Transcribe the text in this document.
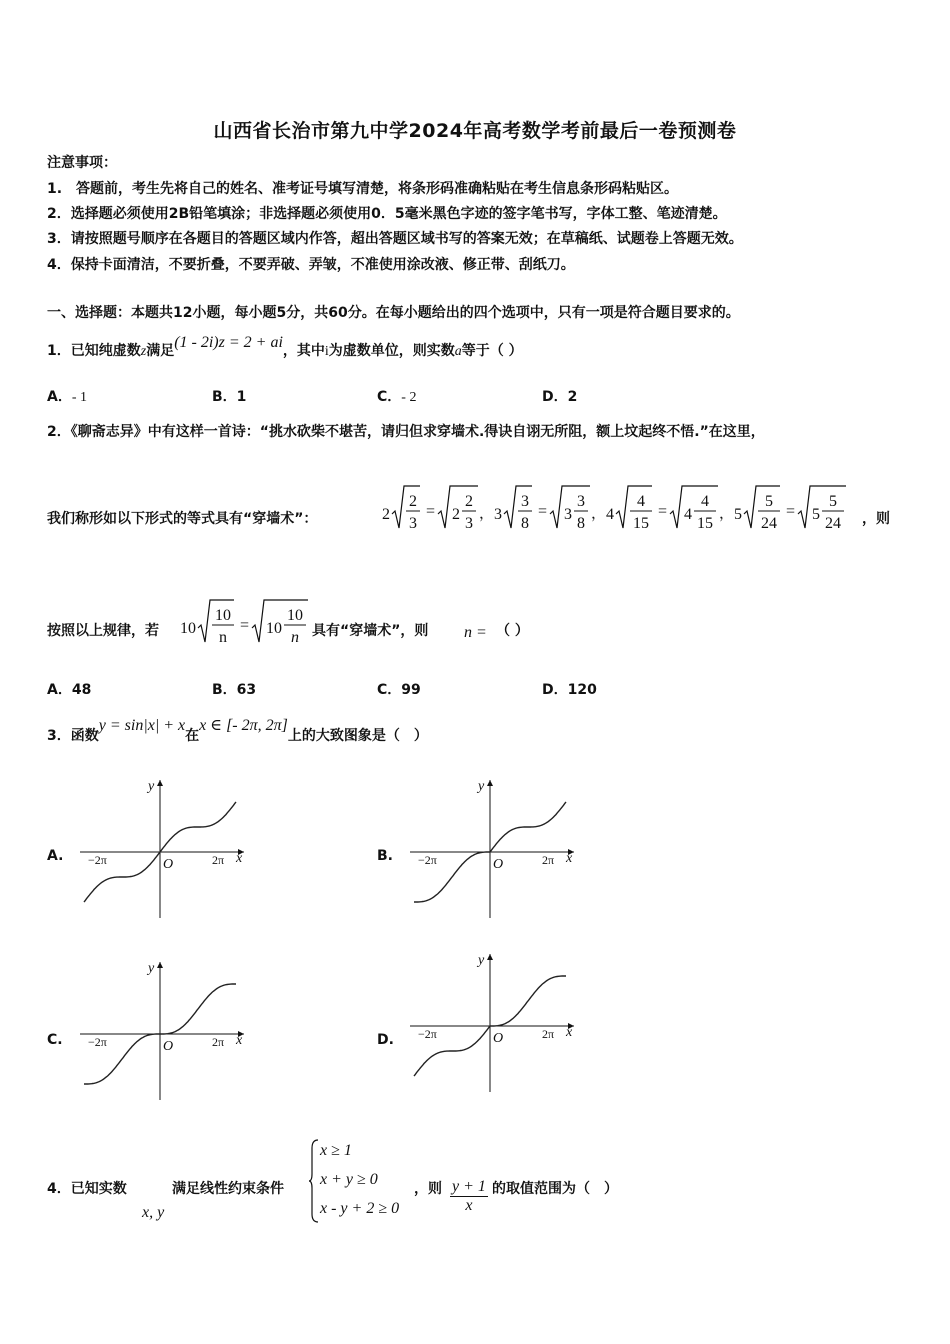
山西省长治市第九中学2024年高考数学考前最后一卷预测卷
注意事项：
1.　答题前，考生先将自己的姓名、准考证号填写清楚，将条形码准确粘贴在考生信息条形码粘贴区。
2．选择题必须使用2B铅笔填涂；非选择题必须使用0．5毫米黑色字迹的签字笔书写，字体工整、笔迹清楚。
3．请按照题号顺序在各题目的答题区域内作答，超出答题区域书写的答案无效；在草稿纸、试题卷上答题无效。
4．保持卡面清洁，不要折叠，不要弄破、弄皱，不准使用涂改液、修正带、刮纸刀。
一、选择题：本题共12小题，每小题5分，共60分。在每小题给出的四个选项中，只有一项是符合题目要求的。
1．已知纯虚数z满足(1 - 2i)z = 2 + ai，其中i为虚数单位，则实数a等于（ ）
A．- 1	B．1	C．- 2	D．2
2．《聊斋志异》中有这样一首诗：“挑水砍柴不堪苦，请归但求穿墙术.得诀自诩无所阻，额上坟起终不悟.”在这里，
我们称形如以下形式的等式具有“穿墙术”：	2
2
3
= 2
2
3
， 3
3
8
= 3
3
8
， 4
4
15
= 4
4
15
， 5
5
24
= 5
5
24 ，则
按照以上规律，若 10
10
n
= 10
10
n 具有“穿墙术”，则 n = （ ）
A．48	B．63	C．99	D．120
3．函数y = sin|x| + x在x ∈ [- 2π, 2π]上的大致图象是（　）
A.	B.
C.	D.
y
x
O
−2π	2π
y
x
O
−2π	2π
y
x
O
−2π	2π
y
x
O
−2π	2π
4．已知实数
x, y
满足线性约束条件
x ≥ 1
x + y ≥ 0
x - y + 2 ≥ 0
，则 $\frac{y + 1}{x}$ 的取值范围为（　）
